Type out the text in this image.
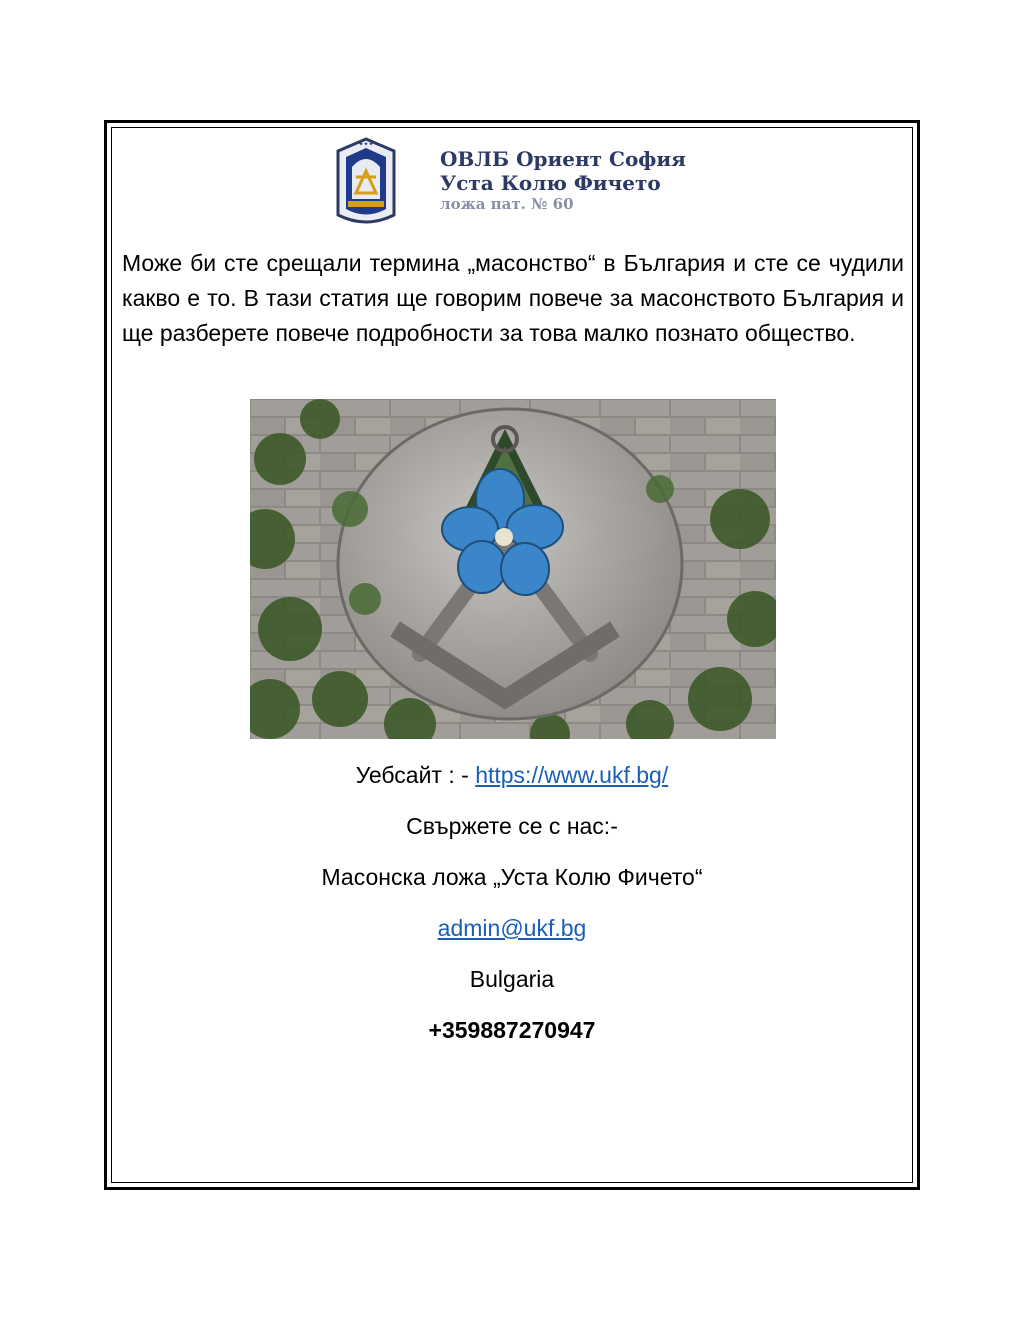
✦✦✦
ОВЛБ Ориент София
Уста Колю Фичето
ложа пат. № 60

Може би сте срещали термина „масонство“ в България и сте се чудили какво е то. В тази статия ще говорим повече за масонството България и ще разберете повече подробности за това малко познато общество.

Уебсайт : - https://www.ukf.bg/

Свържете се с нас:-

Масонска ложа „Уста Колю Фичето“

admin@ukf.bg

Bulgaria

+359887270947
